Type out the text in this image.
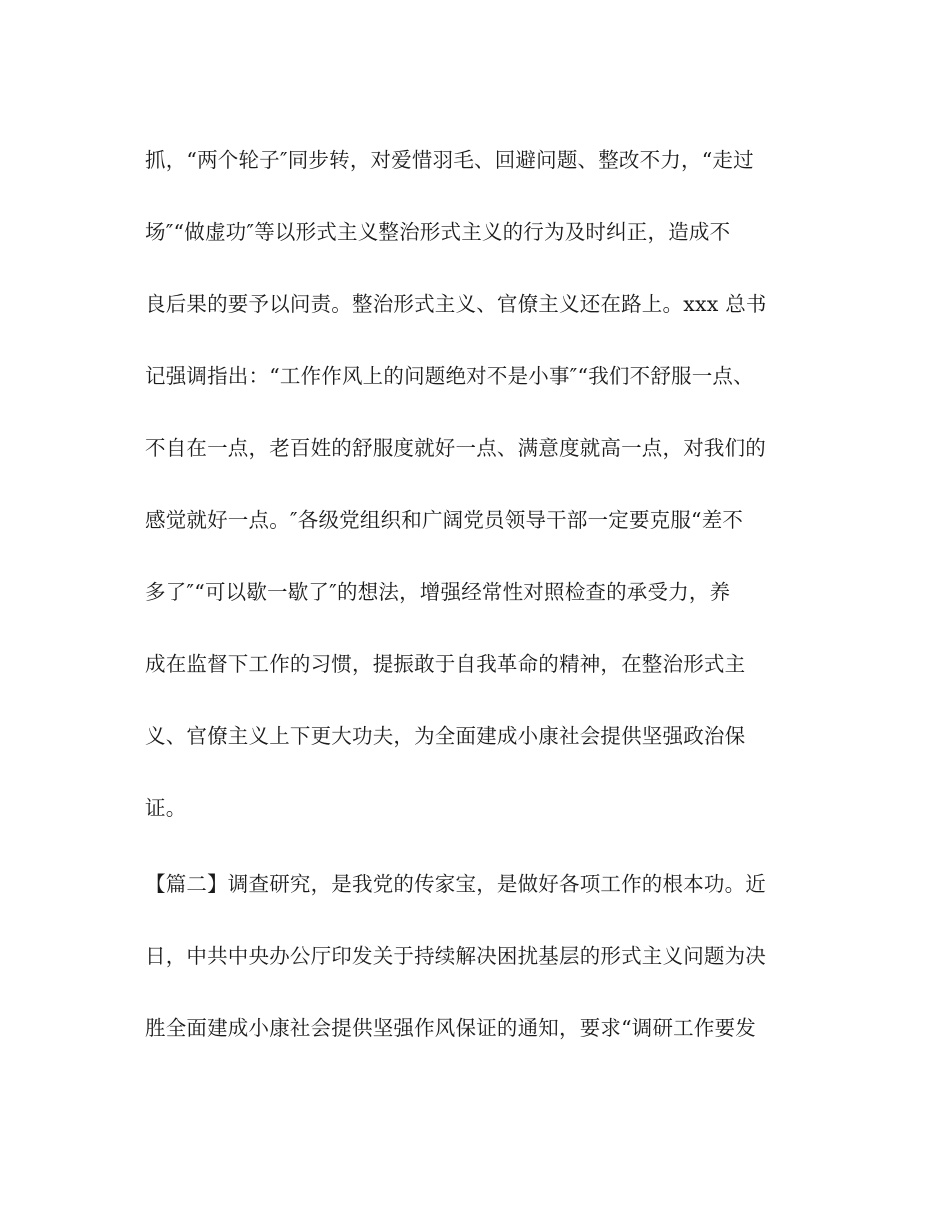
抓，“两个轮子″同步转，对爱惜羽毛、回避问题、整改不力，“走过
场″“做虚功″等以形式主义整治形式主义的行为及时纠正，造成不
良后果的要予以问责。整治形式主义、官僚主义还在路上。xxx 总书
记强调指出：“工作作风上的问题绝对不是小事″“我们不舒服一点、
不自在一点，老百姓的舒服度就好一点、满意度就高一点，对我们的
感觉就好一点。″各级党组织和广阔党员领导干部一定要克服“差不
多了″“可以歇一歇了″的想法，增强经常性对照检查的承受力，养
成在监督下工作的习惯，提振敢于自我革命的精神，在整治形式主
义、官僚主义上下更大功夫，为全面建成小康社会提供坚强政治保
证。
【篇二】调查研究，是我党的传家宝，是做好各项工作的根本功。近
日，中共中央办公厅印发关于持续解决困扰基层的形式主义问题为决
胜全面建成小康社会提供坚强作风保证的通知，要求“调研工作要发
